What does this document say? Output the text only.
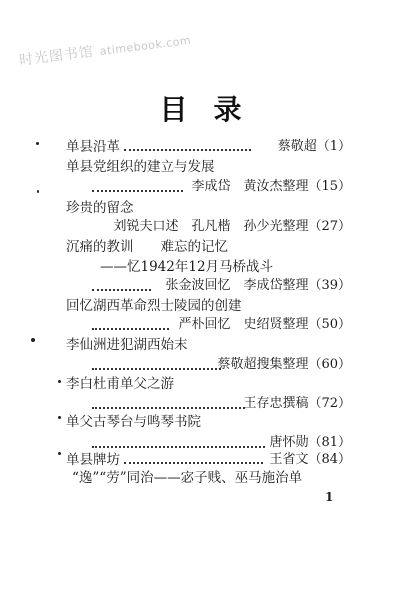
时光图书馆 atimebook.com
目录
单县沿革	蔡敬超（1）
单县党组织的建立与发展
李成岱　黄汝杰整理（15）
珍贵的留念
刘锐夫口述　孔凡楷　孙少光整理（27）
沉痛的教训　　难忘的记忆
——忆1942年12月马桥战斗
张金波回忆　李成岱整理（39）
回忆湖西革命烈士陵园的创建
严朴回忆　史绍贤整理（50）
李仙洲进犯湖西始末
蔡敬超搜集整理（60）
李白杜甫单父之游
王存忠撰稿（72）
单父古琴台与鸣琴书院
唐怀勋（81）
单县牌坊	王省文（84）
“逸”“劳”同治——宓子贱、巫马施治单
1
